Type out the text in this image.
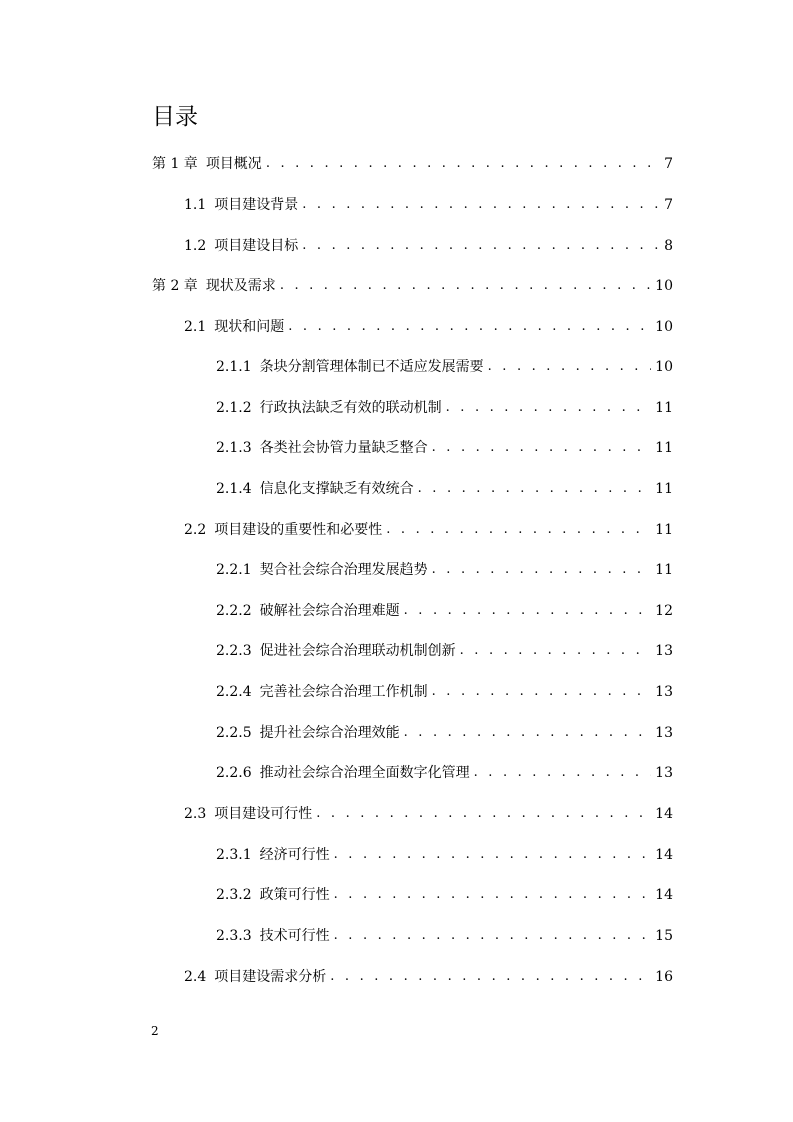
目录
第 1 章 项目概况 . . .	7
1.1 项目建设背景 . . .	7
1.2 项目建设目标 . . .	8
第 2 章 现状及需求 . . .	10
2.1 现状和问题 . . .	10
2.1.1 条块分割管理体制已不适应发展需要 . . .	10
2.1.2 行政执法缺乏有效的联动机制 . . .	11
2.1.3 各类社会协管力量缺乏整合 . . .	11
2.1.4 信息化支撑缺乏有效统合 . . .	11
2.2 项目建设的重要性和必要性 . . .	11
2.2.1 契合社会综合治理发展趋势 . . .	11
2.2.2 破解社会综合治理难题 . . .	12
2.2.3 促进社会综合治理联动机制创新 . . .	13
2.2.4 完善社会综合治理工作机制 . . .	13
2.2.5 提升社会综合治理效能 . . .	13
2.2.6 推动社会综合治理全面数字化管理 . . .	13
2.3 项目建设可行性 . . .	14
2.3.1 经济可行性 . . .	14
2.3.2 政策可行性 . . .	14
2.3.3 技术可行性 . . .	15
2.4 项目建设需求分析 . . .	16
2
